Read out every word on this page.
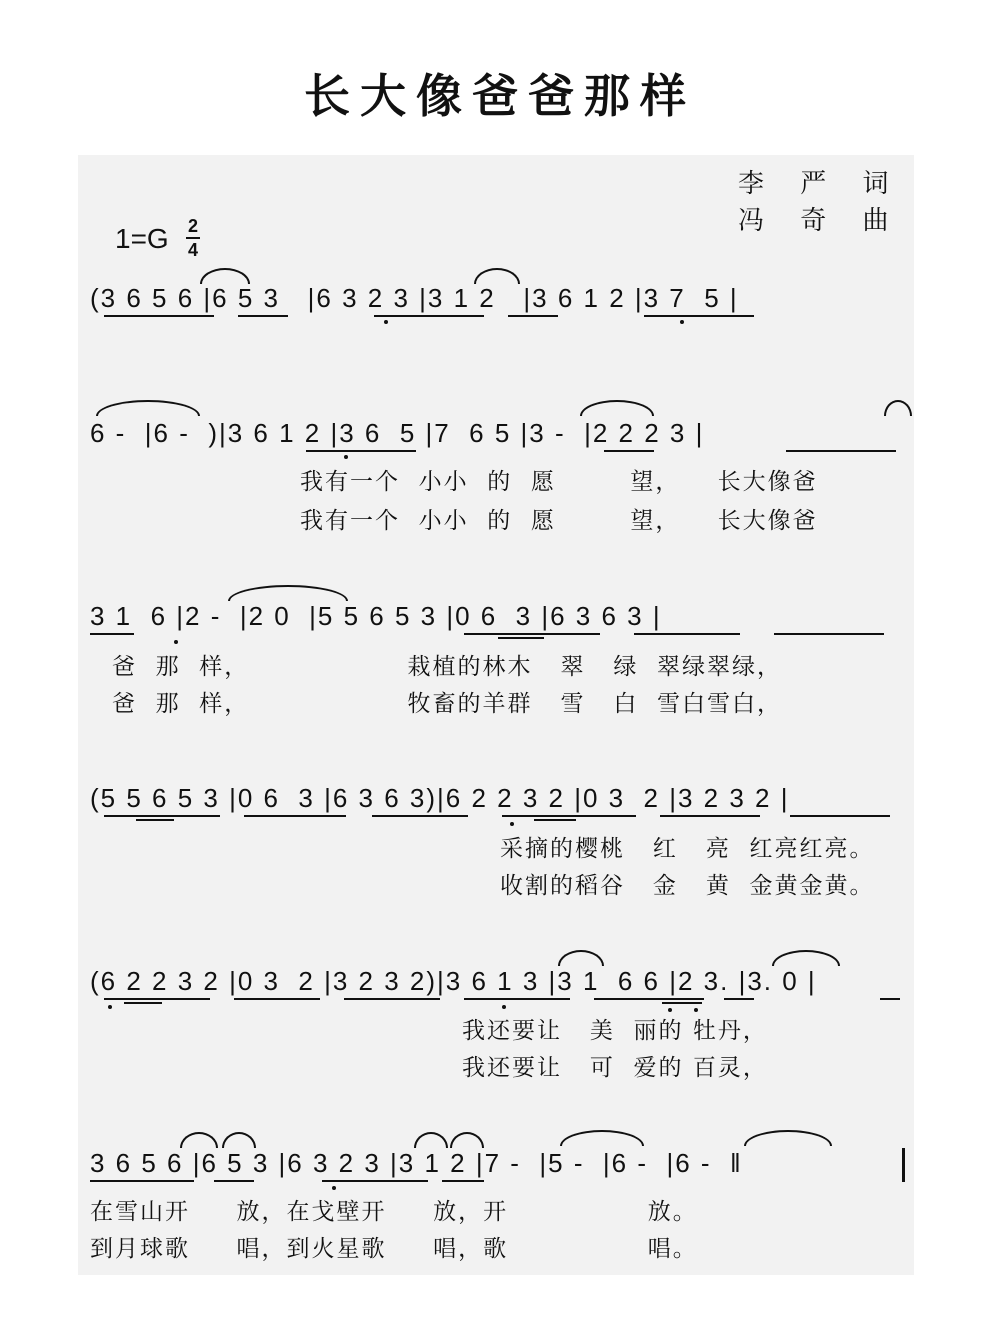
长大像爸爸那样
李 严 词
冯 奇 曲
1=G 2
4
(3 6 5 6 |6 5 3   |6 3 2 3 |3 1 2   |3 6 1 2 |3 7  5 |
6 -  |6 -  )|3 6 1 2 |3 6  5 |7  6 5 |3 -  |2 2 2 3 |
我有一个  小小  的  愿        望，    长大像爸
我有一个  小小  的  愿        望，    长大像爸
3 1  6 |2 -  |2 0  |5 5 6 5 3 |0 6  3 |6 3 6 3 |
爸  那  样，                 栽植的林木   翠   绿  翠绿翠绿，
爸  那  样，                 牧畜的羊群   雪   白  雪白雪白，
(5 5 6 5 3 |0 6  3 |6 3 6 3)|6 2 2 3 2 |0 3  2 |3 2 3 2 |
采摘的樱桃   红   亮  红亮红亮。
收割的稻谷   金   黄  金黄金黄。
(6 2 2 3 2 |0 3  2 |3 2 3 2)|3 6 1 3 |3 1  6 6 |2 3. |3. 0 |
我还要让   美  丽的 牡丹，
我还要让   可  爱的 百灵，
3 6 5 6 |6 5 3 |6 3 2 3 |3 1 2 |7 -  |5 -  |6 -  |6 -  ‖
在雪山开     放，在戈壁开     放，开               放。
到月球歌     唱，到火星歌     唱，歌               唱。
